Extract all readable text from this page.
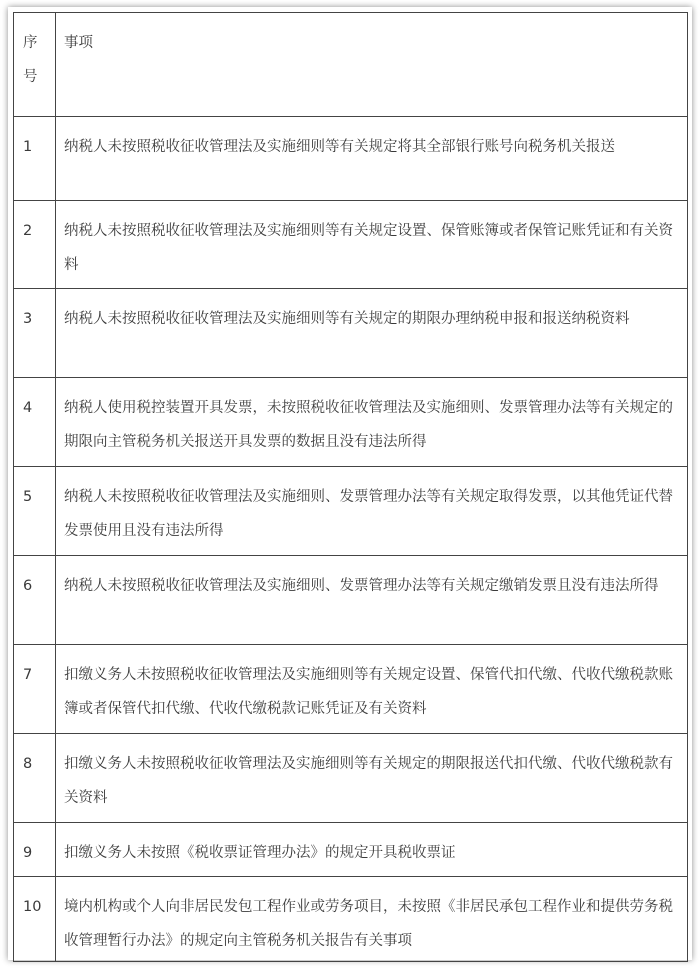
序号	事项
1	纳税人未按照税收征收管理法及实施细则等有关规定将其全部银行账号向税务机关报送
2	纳税人未按照税收征收管理法及实施细则等有关规定设置、保管账簿或者保管记账凭证和有关资料
3	纳税人未按照税收征收管理法及实施细则等有关规定的期限办理纳税申报和报送纳税资料
4	纳税人使用税控装置开具发票，未按照税收征收管理法及实施细则、发票管理办法等有关规定的期限向主管税务机关报送开具发票的数据且没有违法所得
5	纳税人未按照税收征收管理法及实施细则、发票管理办法等有关规定取得发票，以其他凭证代替发票使用且没有违法所得
6	纳税人未按照税收征收管理法及实施细则、发票管理办法等有关规定缴销发票且没有违法所得
7	扣缴义务人未按照税收征收管理法及实施细则等有关规定设置、保管代扣代缴、代收代缴税款账簿或者保管代扣代缴、代收代缴税款记账凭证及有关资料
8	扣缴义务人未按照税收征收管理法及实施细则等有关规定的期限报送代扣代缴、代收代缴税款有关资料
9	扣缴义务人未按照《税收票证管理办法》的规定开具税收票证
10	境内机构或个人向非居民发包工程作业或劳务项目，未按照《非居民承包工程作业和提供劳务税收管理暂行办法》的规定向主管税务机关报告有关事项
